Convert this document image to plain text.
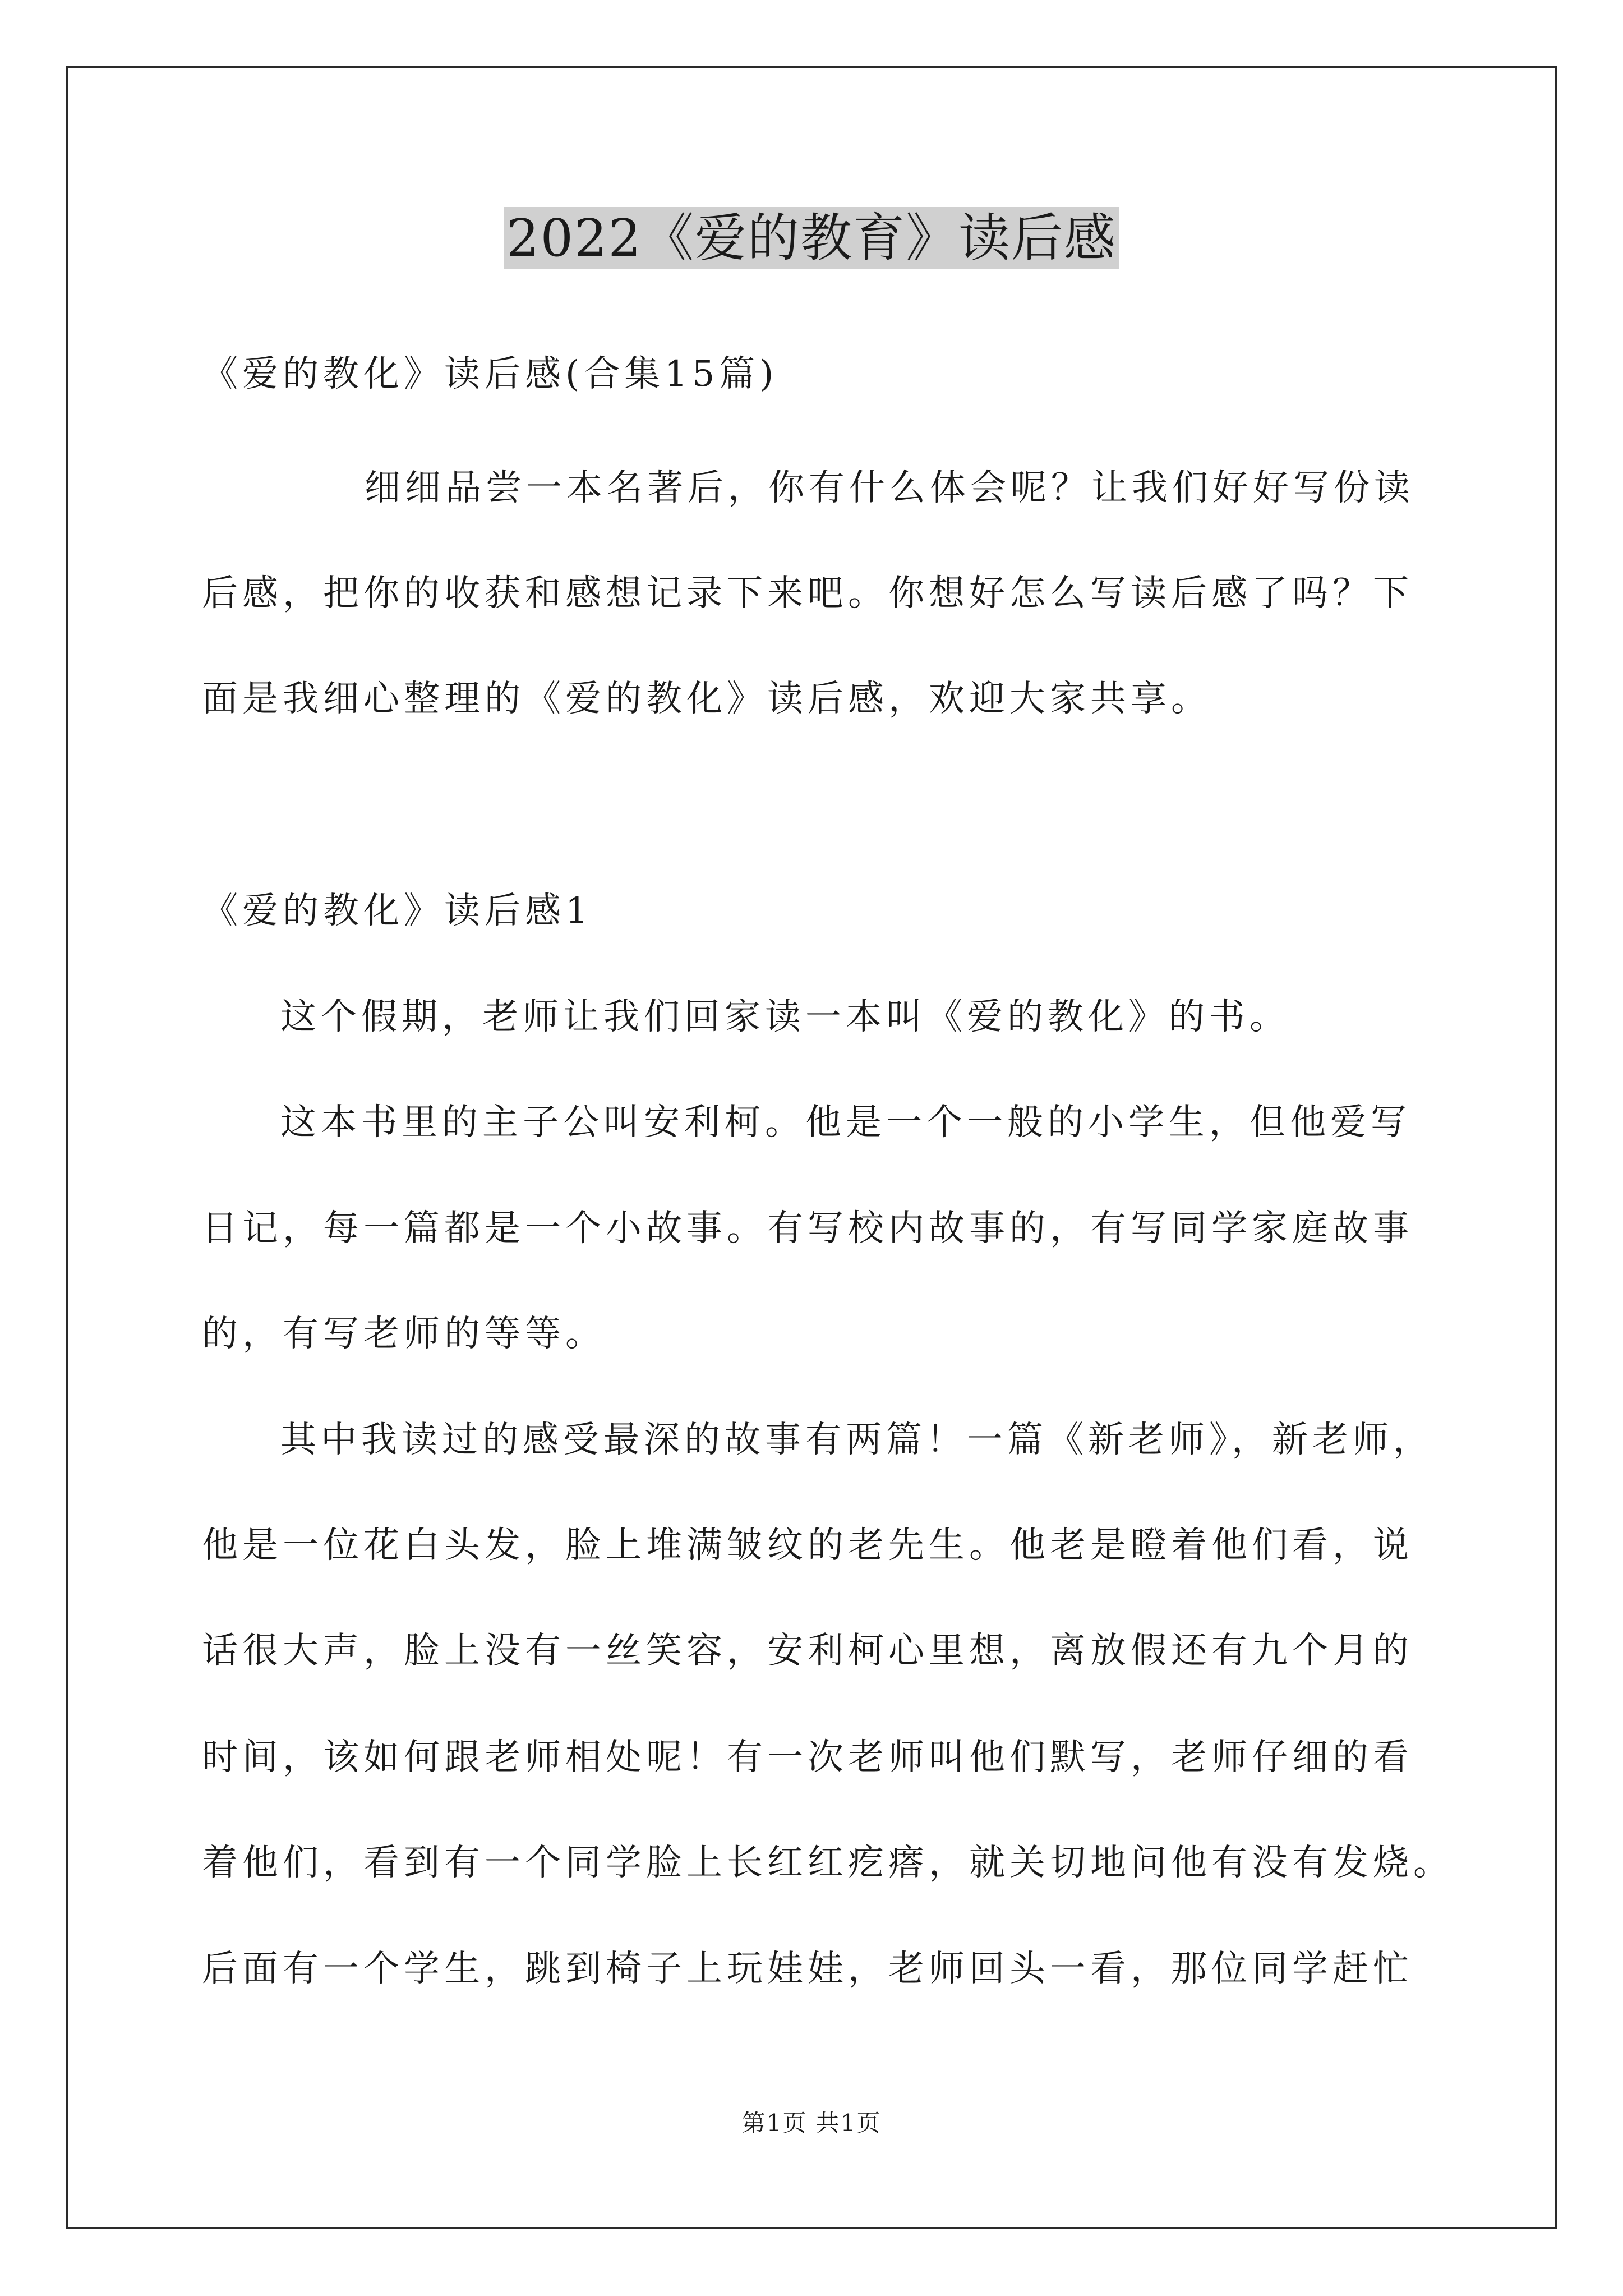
2022《爱的教育》读后感
《爱的教化》读后感(合集15篇)
细细品尝一本名著后，你有什么体会呢？让我们好好写份读
后感，把你的收获和感想记录下来吧。你想好怎么写读后感了吗？下
面是我细心整理的《爱的教化》读后感，欢迎大家共享。
《爱的教化》读后感1
这个假期，老师让我们回家读一本叫《爱的教化》的书。
这本书里的主子公叫安利柯。他是一个一般的小学生，但他爱写
日记，每一篇都是一个小故事。有写校内故事的，有写同学家庭故事
的，有写老师的等等。
其中我读过的感受最深的故事有两篇！一篇《新老师》，新老师，
他是一位花白头发，脸上堆满皱纹的老先生。他老是瞪着他们看，说
话很大声，脸上没有一丝笑容，安利柯心里想，离放假还有九个月的
时间，该如何跟老师相处呢！有一次老师叫他们默写，老师仔细的看
着他们，看到有一个同学脸上长红红疙瘩，就关切地问他有没有发烧。
后面有一个学生，跳到椅子上玩娃娃，老师回头一看，那位同学赶忙
第1页 共1页
